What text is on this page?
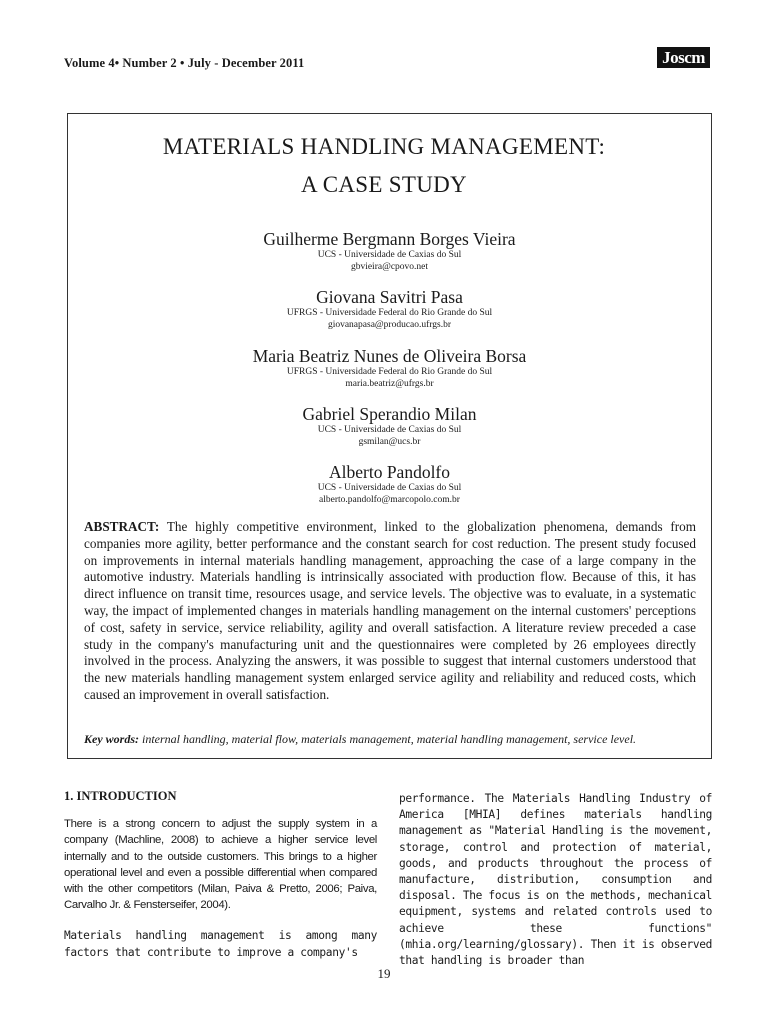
Volume 4• Number 2 • July - December 2011	Joscm
MATERIALS HANDLING MANAGEMENT:
A CASE STUDY
Guilherme Bergmann Borges Vieira
UCS - Universidade de Caxias do Sul
gbvieira@cpovo.net
Giovana Savitri Pasa
UFRGS - Universidade Federal do Rio Grande do Sul
giovanapasa@producao.ufrgs.br
Maria Beatriz Nunes de Oliveira Borsa
UFRGS - Universidade Federal do Rio Grande do Sul
maria.beatriz@ufrgs.br
Gabriel Sperandio Milan
UCS - Universidade de Caxias do Sul
gsmilan@ucs.br
Alberto Pandolfo
UCS - Universidade de Caxias do Sul
alberto.pandolfo@marcopolo.com.br
ABSTRACT: The highly competitive environment, linked to the globalization phenomena, demands from companies more agility, better performance and the constant search for cost reduction. The present study focused on improvements in internal materials handling management, approaching the case of a large company in the automotive industry. Materials handling is intrinsically associated with production flow. Because of this, it has direct influence on transit time, resources usage, and service levels. The objective was to evaluate, in a systematic way, the impact of implemented changes in materials handling management on the internal customers' perceptions of cost, safety in service, service reliability, agility and overall satisfaction. A literature review preceded a case study in the company's manufacturing unit and the questionnaires were completed by 26 employees directly involved in the process. Analyzing the answers, it was possible to suggest that internal customers understood that the new materials handling management system enlarged service agility and reliability and reduced costs, which caused an improvement in overall satisfaction.
Key words: internal handling, material flow, materials management, material handling management, service level.
1. INTRODUCTION
There is a strong concern to adjust the supply system in a company (Machline, 2008) to achieve a higher service level internally and to the outside customers. This brings to a higher operational level and even a possible differential when compared with the other competitors (Milan, Paiva & Pretto, 2006; Paiva, Carvalho Jr. & Fensterseifer, 2004).
Materials handling management is among many factors that contribute to improve a company's
performance. The Materials Handling Industry of America [MHIA] defines materials handling management as "Material Handling is the movement, storage, control and protection of material, goods, and products throughout the process of manufacture, distribution, consumption and disposal. The focus is on the methods, mechanical equipment, systems and related controls used to achieve these functions" (mhia.org/learning/glossary). Then it is observed that handling is broader than
19
